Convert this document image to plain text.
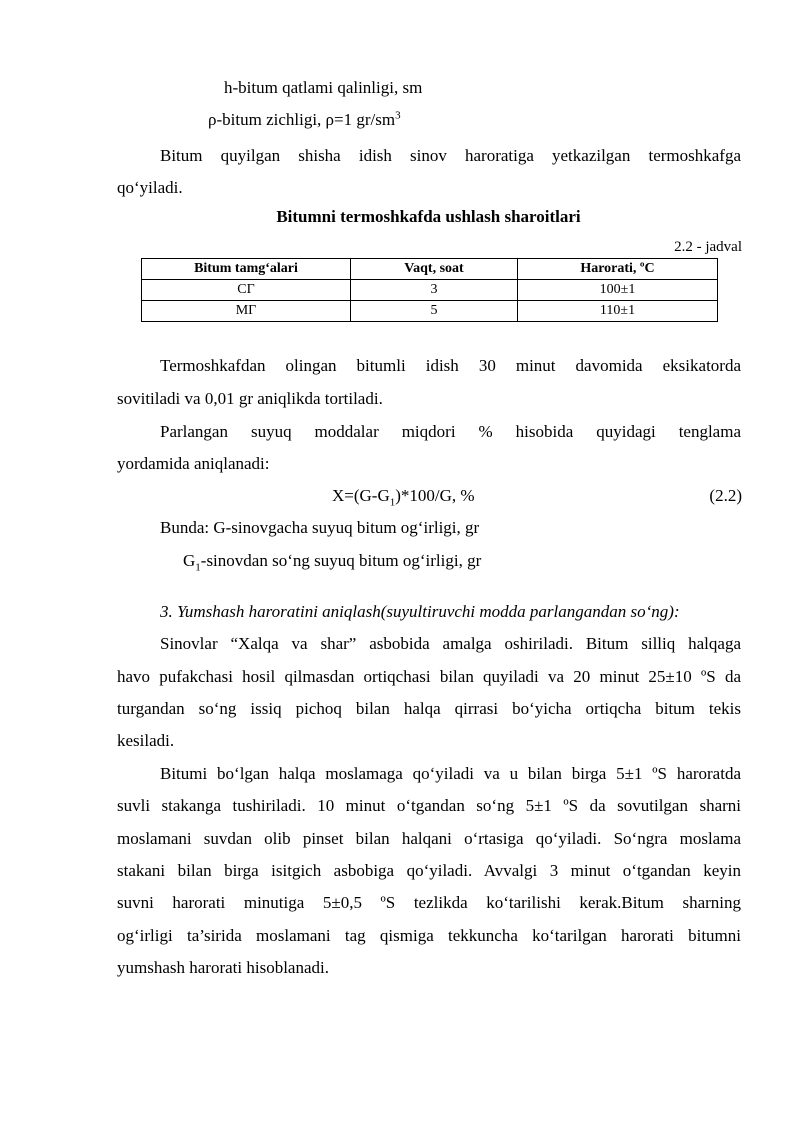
h-bitum qatlami qalinligi, sm
ρ-bitum zichligi, ρ=1 $gr/sm^3$
Bitum quyilgan shisha idish sinov haroratiga yetkazilgan termoshkafga
qo‘yiladi.
Bitumni termoshkafda ushlash sharoitlari
2.2 - jadval
Bitum tamg‘alari	Vaqt, soat	Harorati, ºC
СГ	3	100±1
МГ	5	110±1
Termoshkafdan olingan bitumli idish 30 minut davomida eksikatorda
sovitiladi va 0,01 gr aniqlikda tortiladi.
Parlangan suyuq moddalar miqdori % hisobida quyidagi tenglama
yordamida aniqlanadi:
$X=(G-G_1)*100/G$, %	(2.2)
Bunda: G-sinovgacha suyuq bitum og‘irligi, gr
$G_1$-sinovdan so‘ng suyuq bitum og‘irligi, gr
3. Yumshash haroratini aniqlash(suyultiruvchi modda parlangandan so‘ng):
Sinovlar “Xalqa va shar” asbobida amalga oshiriladi. Bitum silliq halqaga
havo pufakchasi hosil qilmasdan ortiqchasi bilan quyiladi va 20 minut 25±10 ºS da
turgandan so‘ng issiq pichoq bilan halqa qirrasi bo‘yicha ortiqcha bitum tekis
kesiladi.
Bitumi bo‘lgan halqa moslamaga qo‘yiladi va u bilan birga 5±1 ºS haroratda
suvli stakanga tushiriladi. 10 minut o‘tgandan so‘ng 5±1 ºS da sovutilgan sharni
moslamani suvdan olib pinset bilan halqani o‘rtasiga qo‘yiladi. So‘ngra moslama
stakani bilan birga isitgich asbobiga qo‘yiladi. Avvalgi 3 minut o‘tgandan keyin
suvni harorati minutiga 5±0,5 ºS tezlikda ko‘tarilishi kerak.Bitum sharning
og‘irligi ta’sirida moslamani tag qismiga tekkuncha ko‘tarilgan harorati bitumni
yumshash harorati hisoblanadi.
